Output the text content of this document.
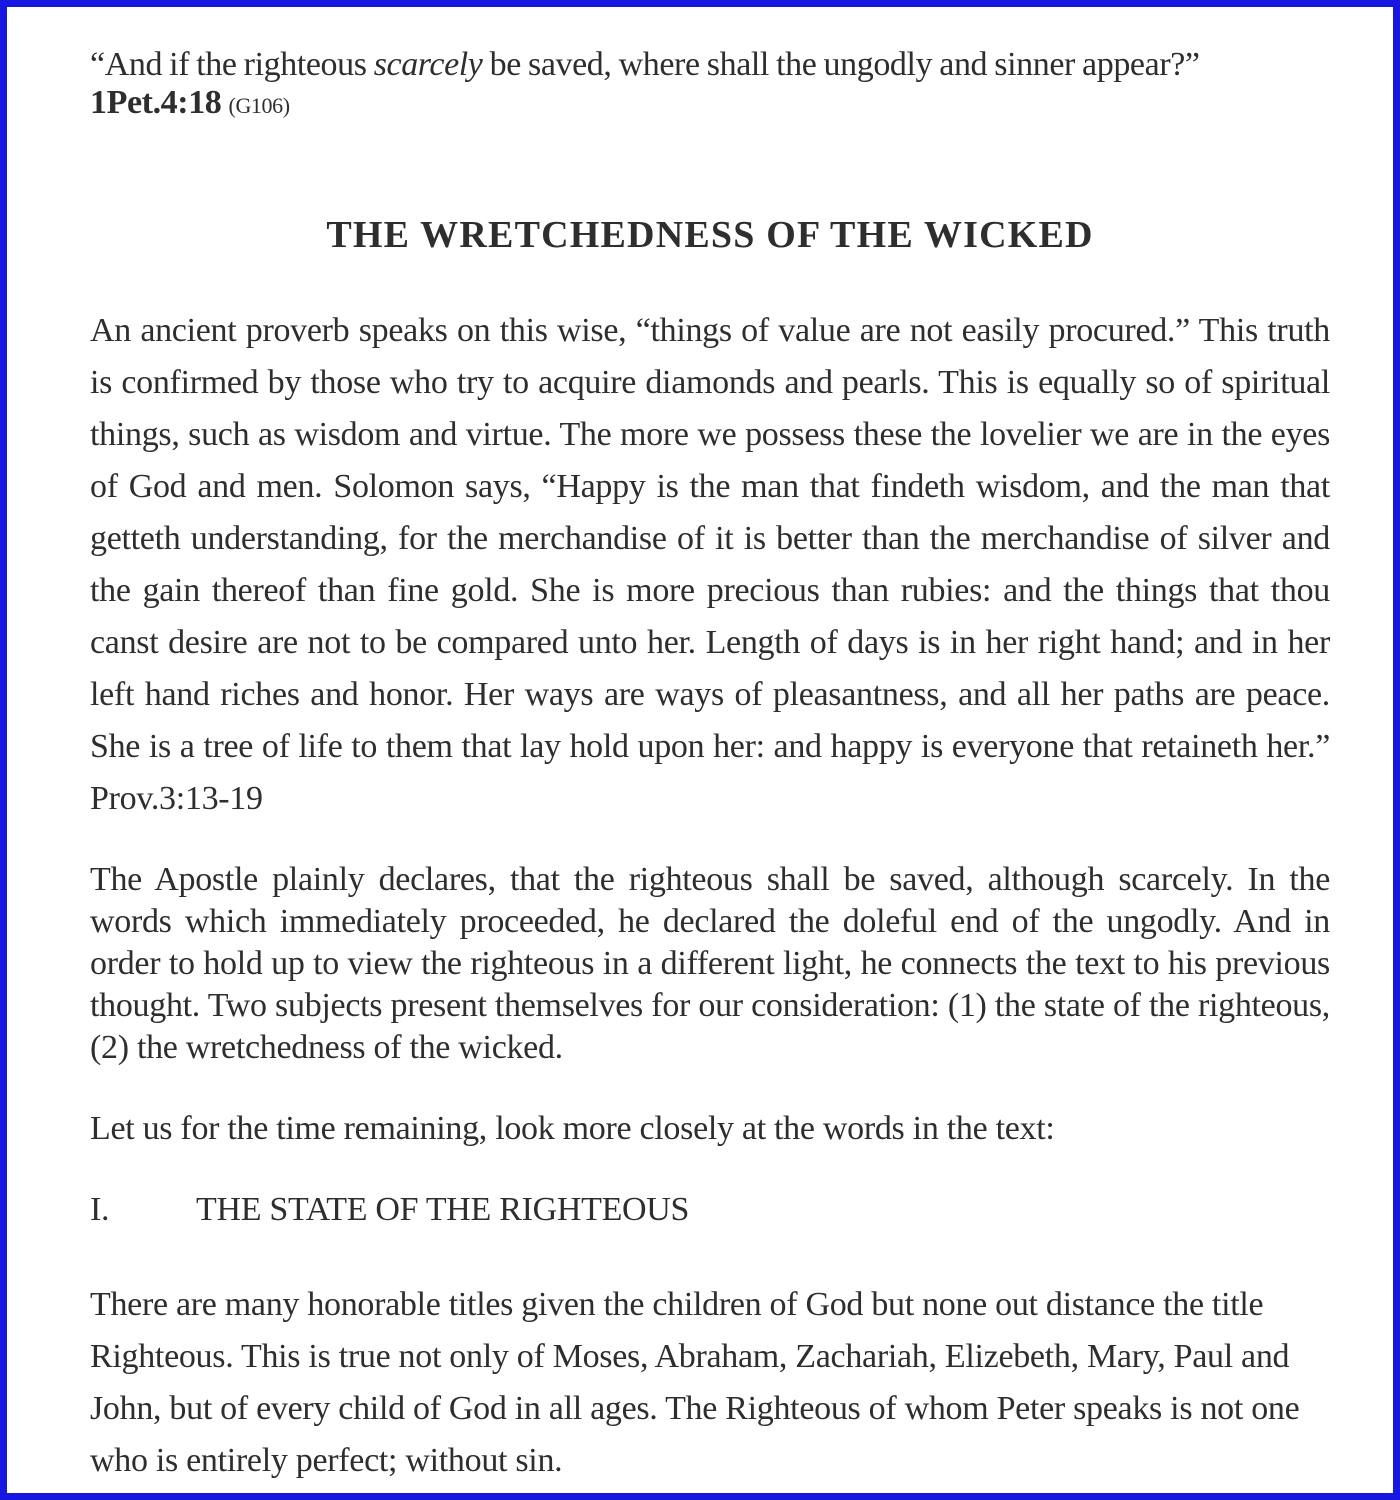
“And if the righteous scarcely be saved, where shall the ungodly and sinner appear?”
1Pet.4:18 (G106)
THE WRETCHEDNESS OF THE WICKED
An ancient proverb speaks on this wise, “things of value are not easily procured.” This truth is confirmed by those who try to acquire diamonds and pearls. This is equally so of spiritual things, such as wisdom and virtue. The more we possess these the lovelier we are in the eyes of God and men. Solomon says, “Happy is the man that findeth wisdom, and the man that getteth understanding, for the merchandise of it is better than the merchandise of silver and the gain thereof than fine gold. She is more precious than rubies: and the things that thou canst desire are not to be compared unto her. Length of days is in her right hand; and in her left hand riches and honor. Her ways are ways of pleasantness, and all her paths are peace. She is a tree of life to them that lay hold upon her: and happy is everyone that retaineth her.” Prov.3:13-19
The Apostle plainly declares, that the righteous shall be saved, although scarcely. In the words which immediately proceeded, he declared the doleful end of the ungodly. And in order to hold up to view the righteous in a different light, he connects the text to his previous thought. Two subjects present themselves for our consideration: (1) the state of the righteous, (2) the wretchedness of the wicked.
Let us for the time remaining, look more closely at the words in the text:
I.	THE STATE OF THE RIGHTEOUS
There are many honorable titles given the children of God but none out distance the title Righteous. This is true not only of Moses, Abraham, Zachariah, Elizebeth, Mary, Paul and John, but of every child of God in all ages. The Righteous of whom Peter speaks is not one who is entirely perfect; without sin.
